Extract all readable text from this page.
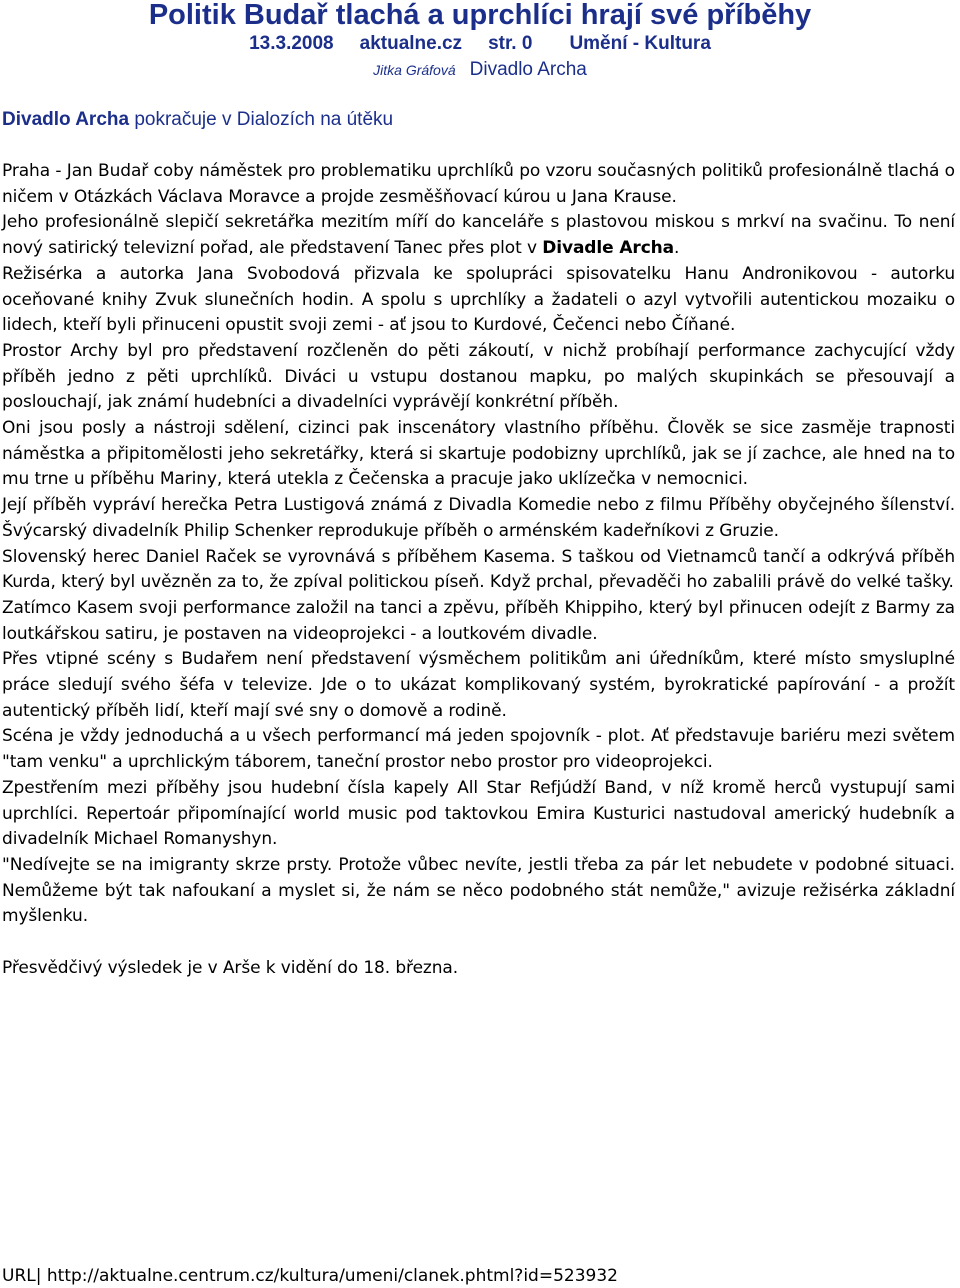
Politik Budař tlachá a uprchlíci hrají své příběhy
13.3.2008 aktualne.cz str. 0 Umění - Kultura
Jitka Gráfová Divadlo Archa
Divadlo Archa pokračuje v Dialozích na útěku

Praha - Jan Budař coby náměstek pro problematiku uprchlíků po vzoru současných politiků profesionálně tlachá o ničem v Otázkách Václava Moravce a projde zesměšňovací kúrou u Jana Krause.

Jeho profesionálně slepičí sekretářka mezitím míří do kanceláře s plastovou miskou s mrkví na svačinu. To není nový satirický televizní pořad, ale představení Tanec přes plot v Divadle Archa.

Režisérka a autorka Jana Svobodová přizvala ke spolupráci spisovatelku Hanu Andronikovou - autorku oceňované knihy Zvuk slunečních hodin. A spolu s uprchlíky a žadateli o azyl vytvořili autentickou mozaiku o lidech, kteří byli přinuceni opustit svoji zemi - ať jsou to Kurdové, Čečenci nebo Číňané.

Prostor Archy byl pro představení rozčleněn do pěti zákoutí, v nichž probíhají performance zachycující vždy příběh jedno z pěti uprchlíků. Diváci u vstupu dostanou mapku, po malých skupinkách se přesouvají a poslouchají, jak známí hudebníci a divadelníci vyprávějí konkrétní příběh.

Oni jsou posly a nástroji sdělení, cizinci pak inscenátory vlastního příběhu. Člověk se sice zasměje trapnosti náměstka a připitomělosti jeho sekretářky, která si skartuje podobizny uprchlíků, jak se jí zachce, ale hned na to mu trne u příběhu Mariny, která utekla z Čečenska a pracuje jako uklízečka v nemocnici.

Její příběh vypráví herečka Petra Lustigová známá z Divadla Komedie nebo z filmu Příběhy obyčejného šílenství. Švýcarský divadelník Philip Schenker reprodukuje příběh o arménském kadeřníkovi z Gruzie.

Slovenský herec Daniel Raček se vyrovnává s příběhem Kasema. S taškou od Vietnamců tančí a odkrývá příběh Kurda, který byl uvězněn za to, že zpíval politickou píseň. Když prchal, převaděči ho zabalili právě do velké tašky.

Zatímco Kasem svoji performance založil na tanci a zpěvu, příběh Khippiho, který byl přinucen odejít z Barmy za loutkářskou satiru, je postaven na videoprojekci - a loutkovém divadle.

Přes vtipné scény s Budařem není představení výsměchem politikům ani úředníkům, které místo smysluplné práce sledují svého šéfa v televize. Jde o to ukázat komplikovaný systém, byrokratické papírování - a prožít autentický příběh lidí, kteří mají své sny o domově a rodině.

Scéna je vždy jednoduchá a u všech performancí má jeden spojovník - plot. Ať představuje bariéru mezi světem "tam venku" a uprchlickým táborem, taneční prostor nebo prostor pro videoprojekci.

Zpestřením mezi příběhy jsou hudební čísla kapely All Star Refjúdží Band, v níž kromě herců vystupují sami uprchlíci. Repertoár připomínající world music pod taktovkou Emira Kusturici nastudoval americký hudebník a divadelník Michael Romanyshyn.

"Nedívejte se na imigranty skrze prsty. Protože vůbec nevíte, jestli třeba za pár let nebudete v podobné situaci. Nemůžeme být tak nafoukaní a myslet si, že nám se něco podobného stát nemůže," avizuje režisérka základní myšlenku.

Přesvědčivý výsledek je v Arše k vidění do 18. března.

URL| http://aktualne.centrum.cz/kultura/umeni/clanek.phtml?id=523932
